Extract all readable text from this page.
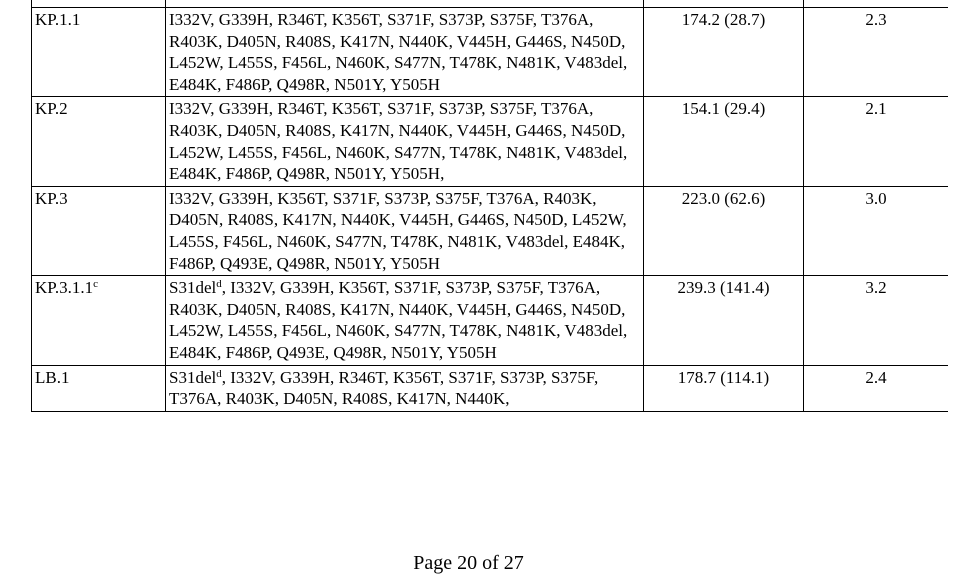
KP.1.1	I332V, G339H, R346T, K356T, S371F, S373P, S375F, T376A, R403K, D405N, R408S, K417N, N440K, V445H, G446S, N450D, L452W, L455S, F456L, N460K, S477N, T478K, N481K, V483del, E484K, F486P, Q498R, N501Y, Y505H	174.2 (28.7)	2.3
KP.2	I332V, G339H, R346T, K356T, S371F, S373P, S375F, T376A, R403K, D405N, R408S, K417N, N440K, V445H, G446S, N450D, L452W, L455S, F456L, N460K, S477N, T478K, N481K, V483del, E484K, F486P, Q498R, N501Y, Y505H,	154.1 (29.4)	2.1
KP.3	I332V, G339H, K356T, S371F, S373P, S375F, T376A, R403K, D405N, R408S, K417N, N440K, V445H, G446S, N450D, L452W, L455S, F456L, N460K, S477N, T478K, N481K, V483del, E484K, F486P, Q493E, Q498R, N501Y, Y505H	223.0 (62.6)	3.0
KP.3.1.1$^c$	S31del$^d$, I332V, G339H, K356T, S371F, S373P, S375F, T376A, R403K, D405N, R408S, K417N, N440K, V445H, G446S, N450D, L452W, L455S, F456L, N460K, S477N, T478K, N481K, V483del, E484K, F486P, Q493E, Q498R, N501Y, Y505H	239.3 (141.4)	3.2
LB.1	S31del$^d$, I332V, G339H, R346T, K356T, S371F, S373P, S375F, T376A, R403K, D405N, R408S, K417N, N440K,	178.7 (114.1)	2.4
Page 20 of 27
